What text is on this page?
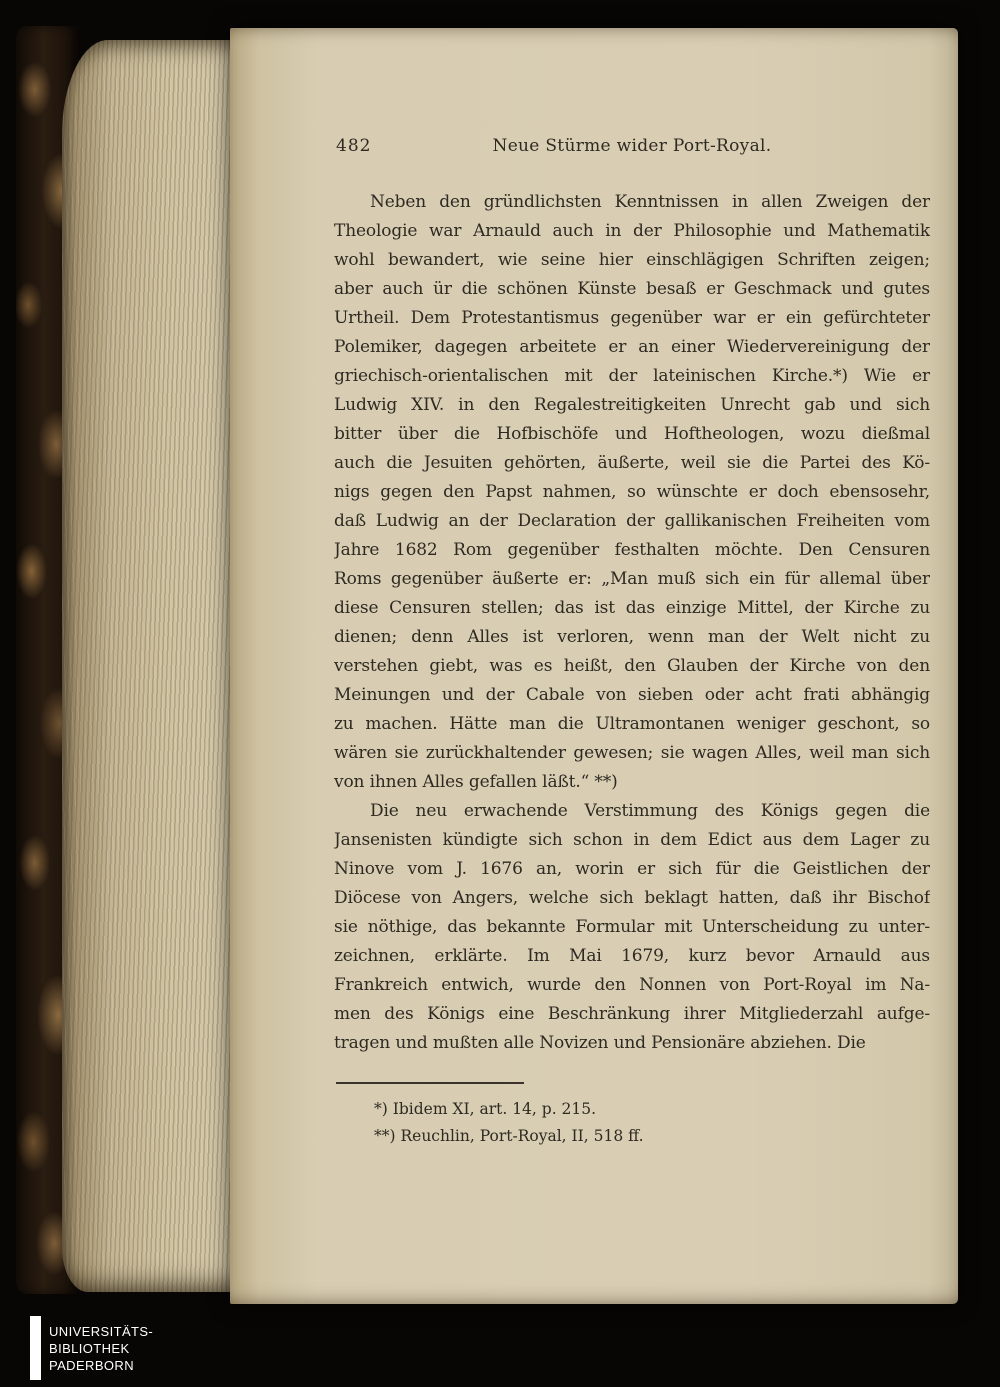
482	Neue Stürme wider Port-Royal.
Neben den gründlichsten Kenntnissen in allen Zweigen der
Theologie war Arnauld auch in der Philosophie und Mathematik
wohl bewandert, wie seine hier einschlägigen Schriften zeigen;
aber auch ür die schönen Künste besaß er Geschmack und gutes
Urtheil. Dem Protestantismus gegenüber war er ein gefürchteter
Polemiker, dagegen arbeitete er an einer Wiedervereinigung der
griechisch-orientalischen mit der lateinischen Kirche.*) Wie er
Ludwig XIV. in den Regalestreitigkeiten Unrecht gab und sich
bitter über die Hofbischöfe und Hoftheologen, wozu dießmal
auch die Jesuiten gehörten, äußerte, weil sie die Partei des Kö-
nigs gegen den Papst nahmen, so wünschte er doch ebensosehr,
daß Ludwig an der Declaration der gallikanischen Freiheiten vom
Jahre 1682 Rom gegenüber festhalten möchte. Den Censuren
Roms gegenüber äußerte er: „Man muß sich ein für allemal über
diese Censuren stellen; das ist das einzige Mittel, der Kirche zu
dienen; denn Alles ist verloren, wenn man der Welt nicht zu
verstehen giebt, was es heißt, den Glauben der Kirche von den
Meinungen und der Cabale von sieben oder acht frati abhängig
zu machen. Hätte man die Ultramontanen weniger geschont, so
wären sie zurückhaltender gewesen; sie wagen Alles, weil man sich
von ihnen Alles gefallen läßt.“ **)
Die neu erwachende Verstimmung des Königs gegen die
Jansenisten kündigte sich schon in dem Edict aus dem Lager zu
Ninove vom J. 1676 an, worin er sich für die Geistlichen der
Diöcese von Angers, welche sich beklagt hatten, daß ihr Bischof
sie nöthige, das bekannte Formular mit Unterscheidung zu unter-
zeichnen, erklärte. Im Mai 1679, kurz bevor Arnauld aus
Frankreich entwich, wurde den Nonnen von Port-Royal im Na-
men des Königs eine Beschränkung ihrer Mitgliederzahl aufge-
tragen und mußten alle Novizen und Pensionäre abziehen. Die
*) Ibidem XI, art. 14, p. 215.
**) Reuchlin, Port-Royal, II, 518 ff.
UNIVERSITÄTS-
BIBLIOTHEK
PADERBORN
